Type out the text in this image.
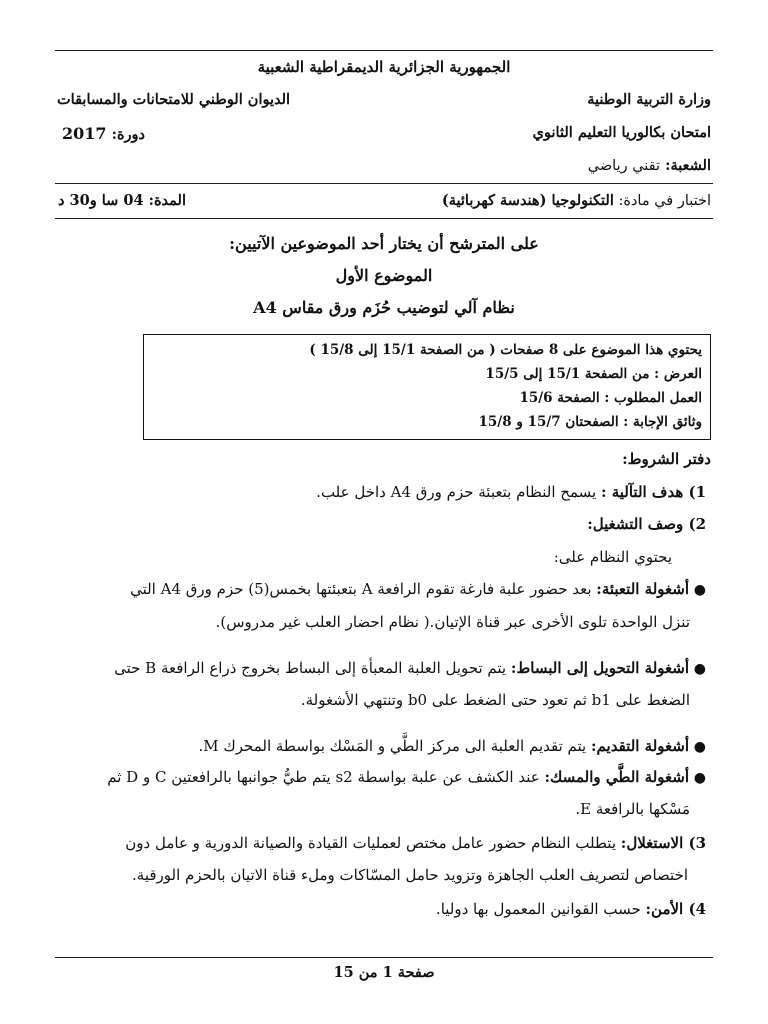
الجمهورية الجزائرية الديمقراطية الشعبية
وزارة التربية الوطنية
الديوان الوطني للامتحانات والمسابقات
امتحان بكالوريا التعليم الثانوي
دورة: 2017
الشعبة: تقني رياضي
اختبار في مادة: التكنولوجيا (هندسة كهربائية)
المدة: 04 سا و30 د
على المترشح أن يختار أحد الموضوعين الآتيين:
الموضوع الأول
نظام آلي لتوضيب حُزَم ورق مقاس A4
يحتوي هذا الموضوع على 8 صفحات ( من الصفحة 15/1 إلى 15/8 )
العرض : من الصفحة 15/1 إلى 15/5
العمل المطلوب : الصفحة 15/6
وثائق الإجابة : الصفحتان 15/7 و 15/8
دفتر الشروط:
1) هدف التآلية : يسمح النظام بتعبئة حزم ورق A4 داخل علب.
2) وصف التشغيل:
يحتوي النظام على:
● أشغولة التعبئة: بعد حضور علبة فارغة تقوم الرافعة A بتعبئتها بخمس(5) حزم ورق A4 التي
تنزل الواحدة تلوى الأخرى عبر قناة الإتيان.( نظام احضار العلب غير مدروس).
● أشغولة التحويل إلى البساط: يتم تحويل العلبة المعبأة إلى البساط بخروج ذراع الرافعة B حتى
الضغط على b1 ثم تعود حتى الضغط على b0 وتنتهي الأشغولة.
● أشغولة التقديم: يتم تقديم العلبة الى مركز الطَّي و المَسْك بواسطة المحرك M.
● أشغولة الطَّي والمسك: عند الكشف عن علبة بواسطة s2 يتم طيُّ جوانبها بالرافعتين C و D ثم
مَسْكها بالرافعة E.
3) الاستغلال: يتطلب النظام حضور عامل مختص لعمليات القيادة والصيانة الدورية و عامل دون
اختصاص لتصريف العلب الجاهزة وتزويد حامل المسّاكات وملء قناة الاتيان بالحزم الورقية.
4) الأمن: حسب القوانين المعمول بها دوليا.
صفحة 1 من 15
